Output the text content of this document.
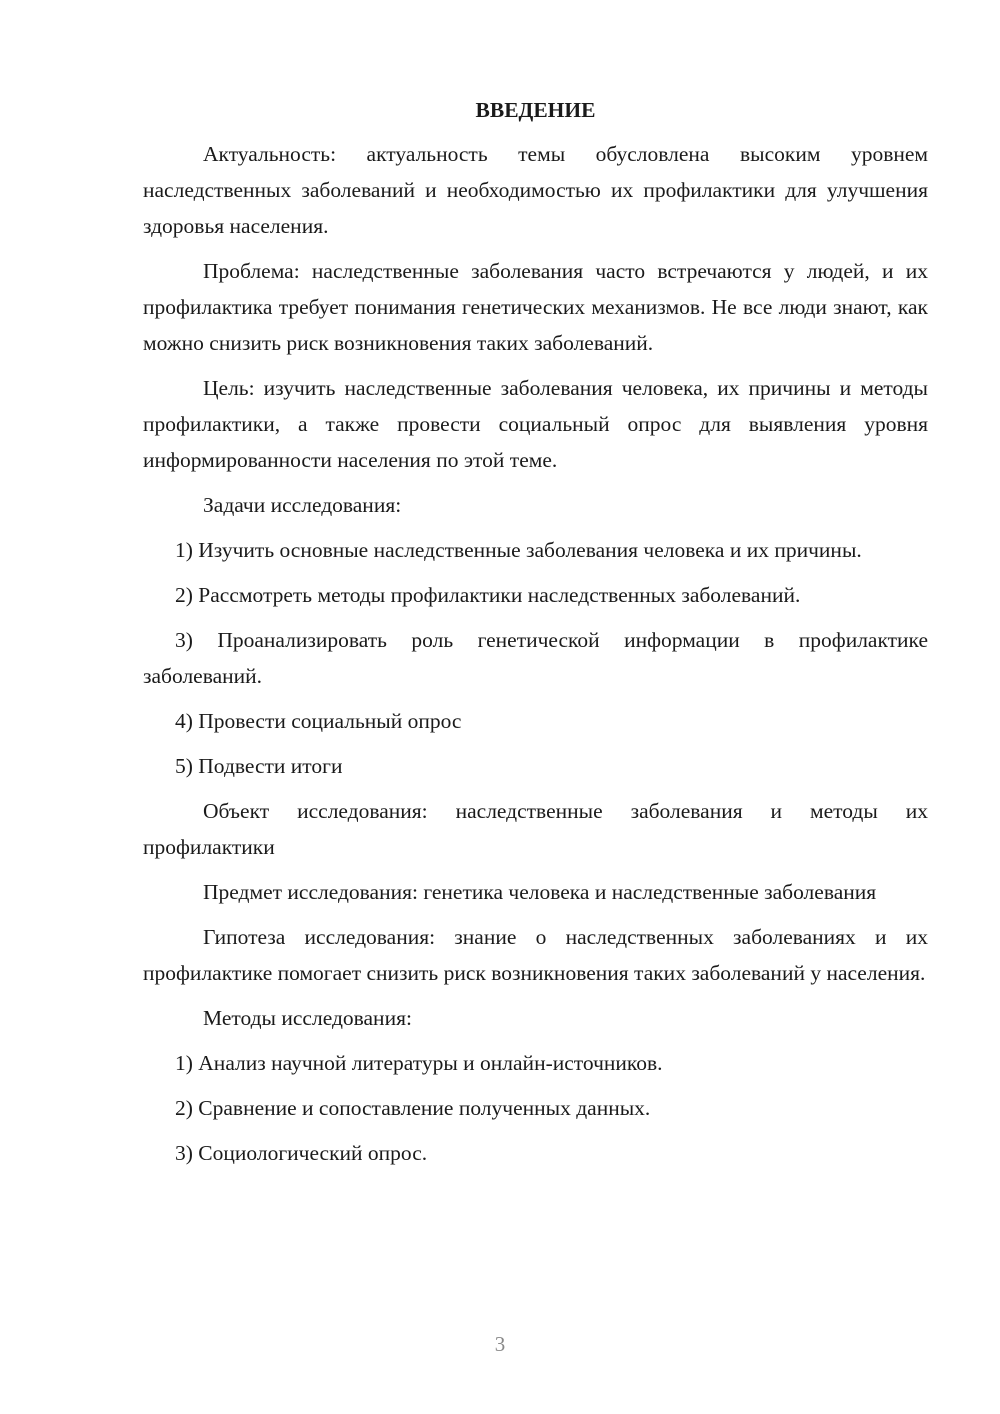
ВВЕДЕНИЕ

Актуальность: актуальность темы обусловлена высоким уровнем наследственных заболеваний и необходимостью их профилактики для улучшения здоровья населения.

Проблема: наследственные заболевания часто встречаются у людей, и их профилактика требует понимания генетических механизмов. Не все люди знают, как можно снизить риск возникновения таких заболеваний.

Цель: изучить наследственные заболевания человека, их причины и методы профилактики, а также провести социальный опрос для выявления уровня информированности населения по этой теме.

Задачи исследования:

1) Изучить основные наследственные заболевания человека и их причины.

2) Рассмотреть методы профилактики наследственных заболеваний.

3) Проанализировать роль генетической информации в профилактике заболеваний.

4) Провести социальный опрос

5) Подвести итоги

Объект исследования: наследственные заболевания и методы их профилактики

Предмет исследования: генетика человека и наследственные заболевания

Гипотеза исследования: знание о наследственных заболеваниях и их профилактике помогает снизить риск возникновения таких заболеваний у населения.

Методы исследования:

1) Анализ научной литературы и онлайн-источников.

2) Сравнение и сопоставление полученных данных.

3) Социологический опрос.

3
